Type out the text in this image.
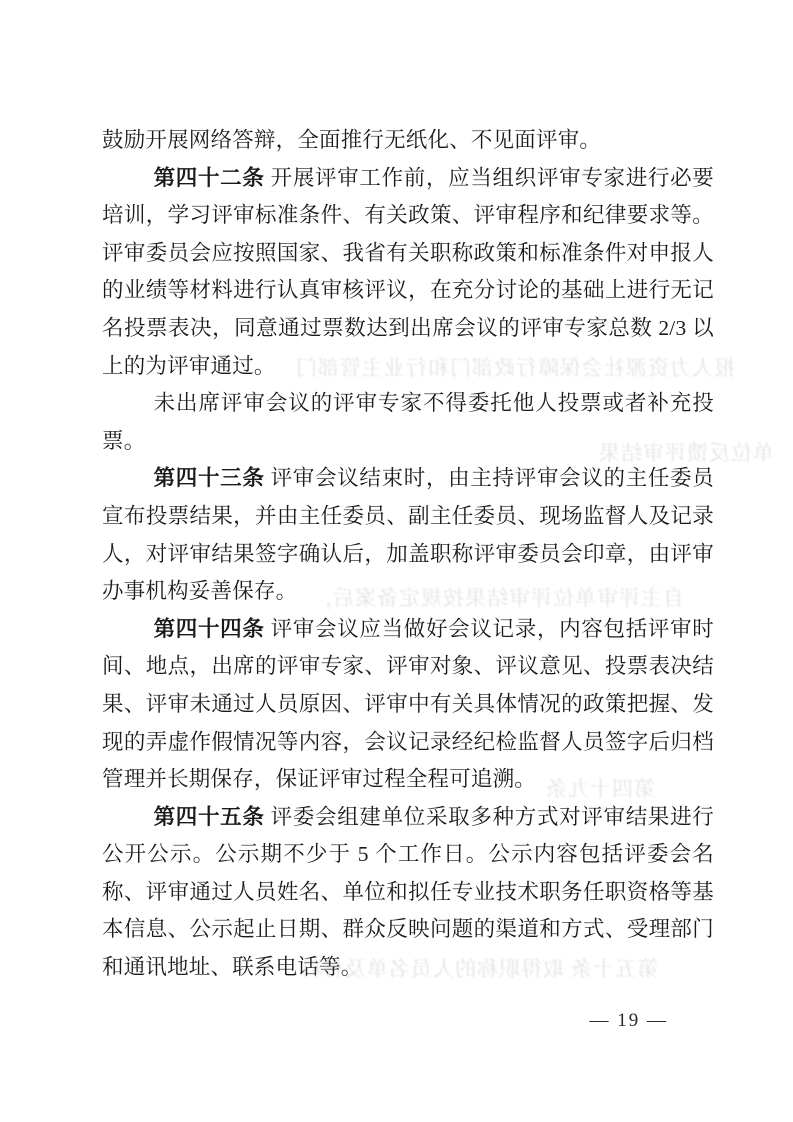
鼓励开展网络答辩，全面推行无纸化、不见面评审。

第四十二条 开展评审工作前，应当组织评审专家进行必要培训，学习评审标准条件、有关政策、评审程序和纪律要求等。评审委员会应按照国家、我省有关职称政策和标准条件对申报人的业绩等材料进行认真审核评议，在充分讨论的基础上进行无记名投票表决，同意通过票数达到出席会议的评审专家总数 2/3 以上的为评审通过。

未出席评审会议的评审专家不得委托他人投票或者补充投票。

第四十三条 评审会议结束时，由主持评审会议的主任委员宣布投票结果，并由主任委员、副主任委员、现场监督人及记录人，对评审结果签字确认后，加盖职称评审委员会印章，由评审办事机构妥善保存。

第四十四条 评审会议应当做好会议记录，内容包括评审时间、地点，出席的评审专家、评审对象、评议意见、投票表决结果、评审未通过人员原因、评审中有关具体情况的政策把握、发现的弄虚作假情况等内容，会议记录经纪检监督人员签字后归档管理并长期保存，保证评审过程全程可追溯。

第四十五条 评委会组建单位采取多种方式对评审结果进行公开公示。公示期不少于 5 个工作日。公示内容包括评委会名称、评审通过人员姓名、单位和拟任专业技术职务任职资格等基本信息、公示起止日期、群众反映问题的渠道和方式、受理部门和通讯地址、联系电话等。

— 19 —
报人力资源社会保障行政部门和行业主管部门
单位反馈评审结果
自主评审单位评审结果按规定备案后，
第四十九条
第五十条 取得职称的人员名单及材料
